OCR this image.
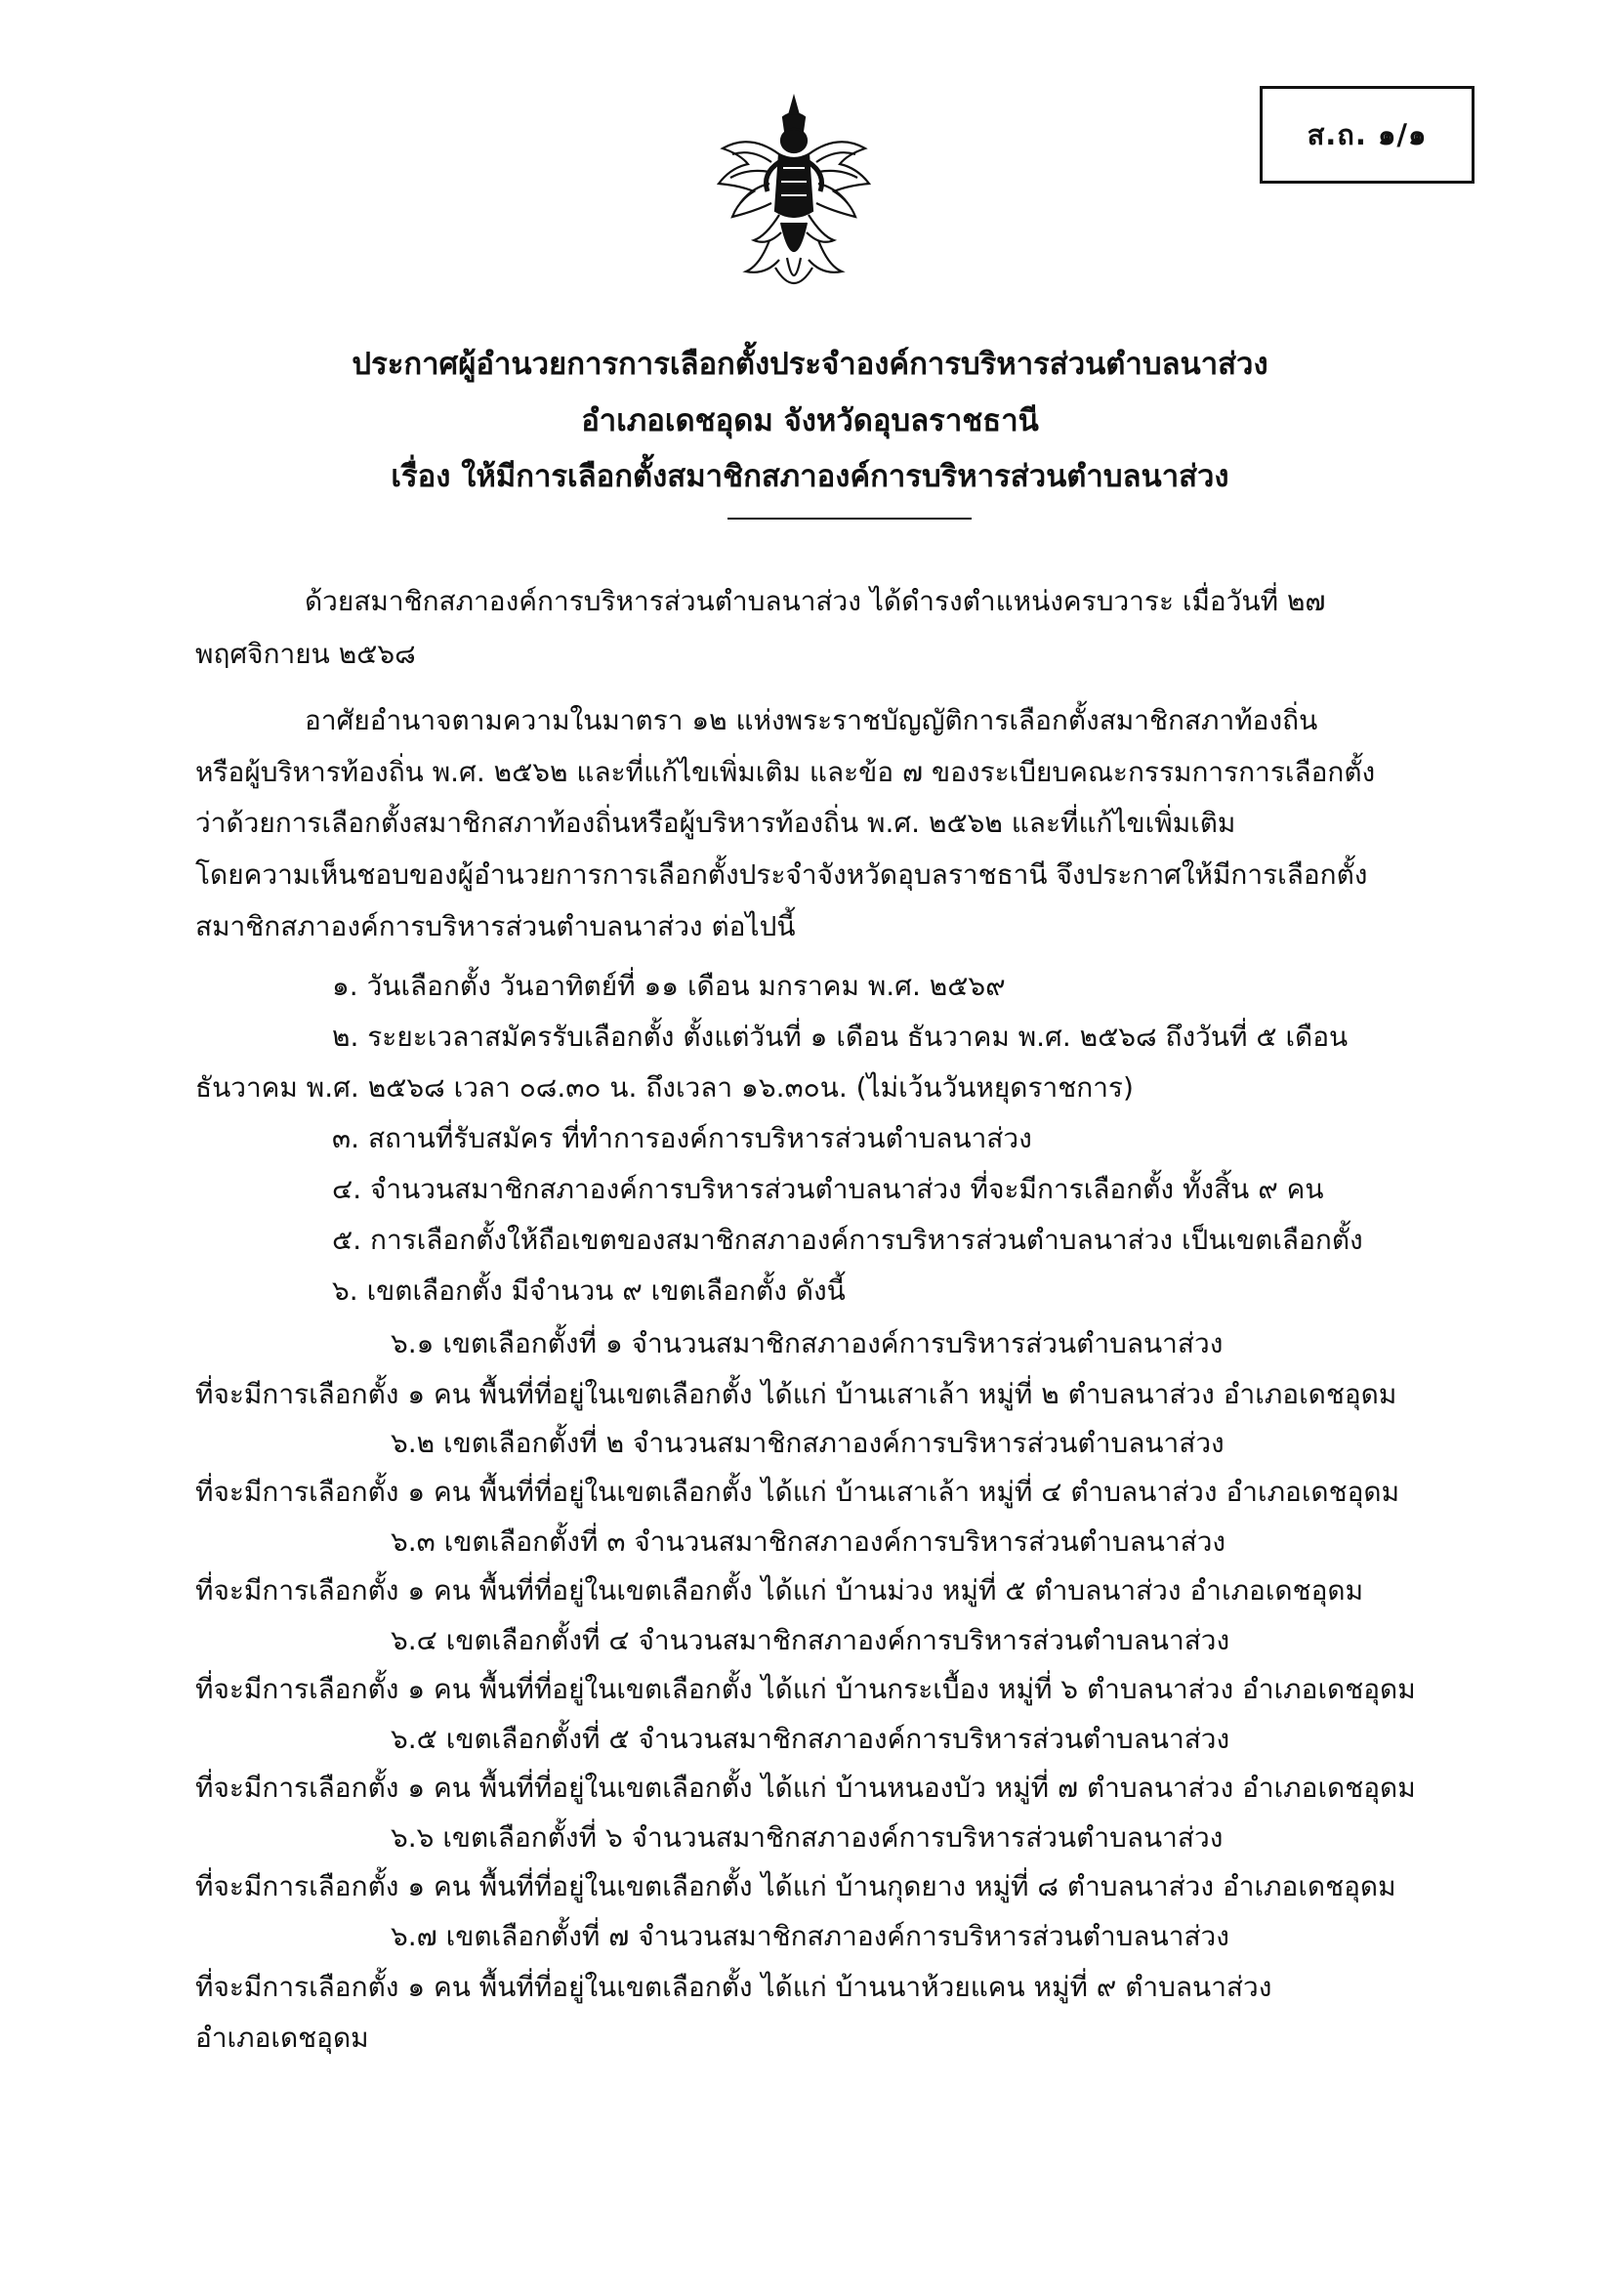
ส.ถ. ๑/๑
ประกาศผู้อำนวยการการเลือกตั้งประจำองค์การบริหารส่วนตำบลนาส่วง
อำเภอเดชอุดม จังหวัดอุบลราชธานี
เรื่อง ให้มีการเลือกตั้งสมาชิกสภาองค์การบริหารส่วนตำบลนาส่วง
ด้วยสมาชิกสภาองค์การบริหารส่วนตำบลนาส่วง ได้ดำรงตำแหน่งครบวาระ เมื่อวันที่ ๒๗
พฤศจิกายน ๒๕๖๘
อาศัยอำนาจตามความในมาตรา ๑๒ แห่งพระราชบัญญัติการเลือกตั้งสมาชิกสภาท้องถิ่น
หรือผู้บริหารท้องถิ่น พ.ศ. ๒๕๖๒ และที่แก้ไขเพิ่มเติม และข้อ ๗ ของระเบียบคณะกรรมการการเลือกตั้ง
ว่าด้วยการเลือกตั้งสมาชิกสภาท้องถิ่นหรือผู้บริหารท้องถิ่น พ.ศ. ๒๕๖๒ และที่แก้ไขเพิ่มเติม
โดยความเห็นชอบของผู้อำนวยการการเลือกตั้งประจำจังหวัดอุบลราชธานี จึงประกาศให้มีการเลือกตั้ง
สมาชิกสภาองค์การบริหารส่วนตำบลนาส่วง ต่อไปนี้
๑. วันเลือกตั้ง วันอาทิตย์ที่ ๑๑ เดือน มกราคม พ.ศ. ๒๕๖๙
๒. ระยะเวลาสมัครรับเลือกตั้ง ตั้งแต่วันที่ ๑ เดือน ธันวาคม พ.ศ. ๒๕๖๘ ถึงวันที่ ๕ เดือน
ธันวาคม พ.ศ. ๒๕๖๘ เวลา ๐๘.๓๐ น. ถึงเวลา ๑๖.๓๐น. (ไม่เว้นวันหยุดราชการ)
๓. สถานที่รับสมัคร ที่ทำการองค์การบริหารส่วนตำบลนาส่วง
๔. จำนวนสมาชิกสภาองค์การบริหารส่วนตำบลนาส่วง ที่จะมีการเลือกตั้ง ทั้งสิ้น ๙ คน
๕. การเลือกตั้งให้ถือเขตของสมาชิกสภาองค์การบริหารส่วนตำบลนาส่วง เป็นเขตเลือกตั้ง
๖. เขตเลือกตั้ง มีจำนวน ๙ เขตเลือกตั้ง ดังนี้
๖.๑ เขตเลือกตั้งที่ ๑ จำนวนสมาชิกสภาองค์การบริหารส่วนตำบลนาส่วง
ที่จะมีการเลือกตั้ง ๑ คน พื้นที่ที่อยู่ในเขตเลือกตั้ง ได้แก่ บ้านเสาเล้า หมู่ที่ ๒ ตำบลนาส่วง อำเภอเดชอุดม
๖.๒ เขตเลือกตั้งที่ ๒ จำนวนสมาชิกสภาองค์การบริหารส่วนตำบลนาส่วง
ที่จะมีการเลือกตั้ง ๑ คน พื้นที่ที่อยู่ในเขตเลือกตั้ง ได้แก่ บ้านเสาเล้า หมู่ที่ ๔ ตำบลนาส่วง อำเภอเดชอุดม
๖.๓ เขตเลือกตั้งที่ ๓ จำนวนสมาชิกสภาองค์การบริหารส่วนตำบลนาส่วง
ที่จะมีการเลือกตั้ง ๑ คน พื้นที่ที่อยู่ในเขตเลือกตั้ง ได้แก่ บ้านม่วง หมู่ที่ ๕ ตำบลนาส่วง อำเภอเดชอุดม
๖.๔ เขตเลือกตั้งที่ ๔ จำนวนสมาชิกสภาองค์การบริหารส่วนตำบลนาส่วง
ที่จะมีการเลือกตั้ง ๑ คน พื้นที่ที่อยู่ในเขตเลือกตั้ง ได้แก่ บ้านกระเบื้อง หมู่ที่ ๖ ตำบลนาส่วง อำเภอเดชอุดม
๖.๕ เขตเลือกตั้งที่ ๕ จำนวนสมาชิกสภาองค์การบริหารส่วนตำบลนาส่วง
ที่จะมีการเลือกตั้ง ๑ คน พื้นที่ที่อยู่ในเขตเลือกตั้ง ได้แก่ บ้านหนองบัว หมู่ที่ ๗ ตำบลนาส่วง อำเภอเดชอุดม
๖.๖ เขตเลือกตั้งที่ ๖ จำนวนสมาชิกสภาองค์การบริหารส่วนตำบลนาส่วง
ที่จะมีการเลือกตั้ง ๑ คน พื้นที่ที่อยู่ในเขตเลือกตั้ง ได้แก่ บ้านกุดยาง หมู่ที่ ๘ ตำบลนาส่วง อำเภอเดชอุดม
๖.๗ เขตเลือกตั้งที่ ๗ จำนวนสมาชิกสภาองค์การบริหารส่วนตำบลนาส่วง
ที่จะมีการเลือกตั้ง ๑ คน พื้นที่ที่อยู่ในเขตเลือกตั้ง ได้แก่ บ้านนาห้วยแคน หมู่ที่ ๙ ตำบลนาส่วง
อำเภอเดชอุดม
